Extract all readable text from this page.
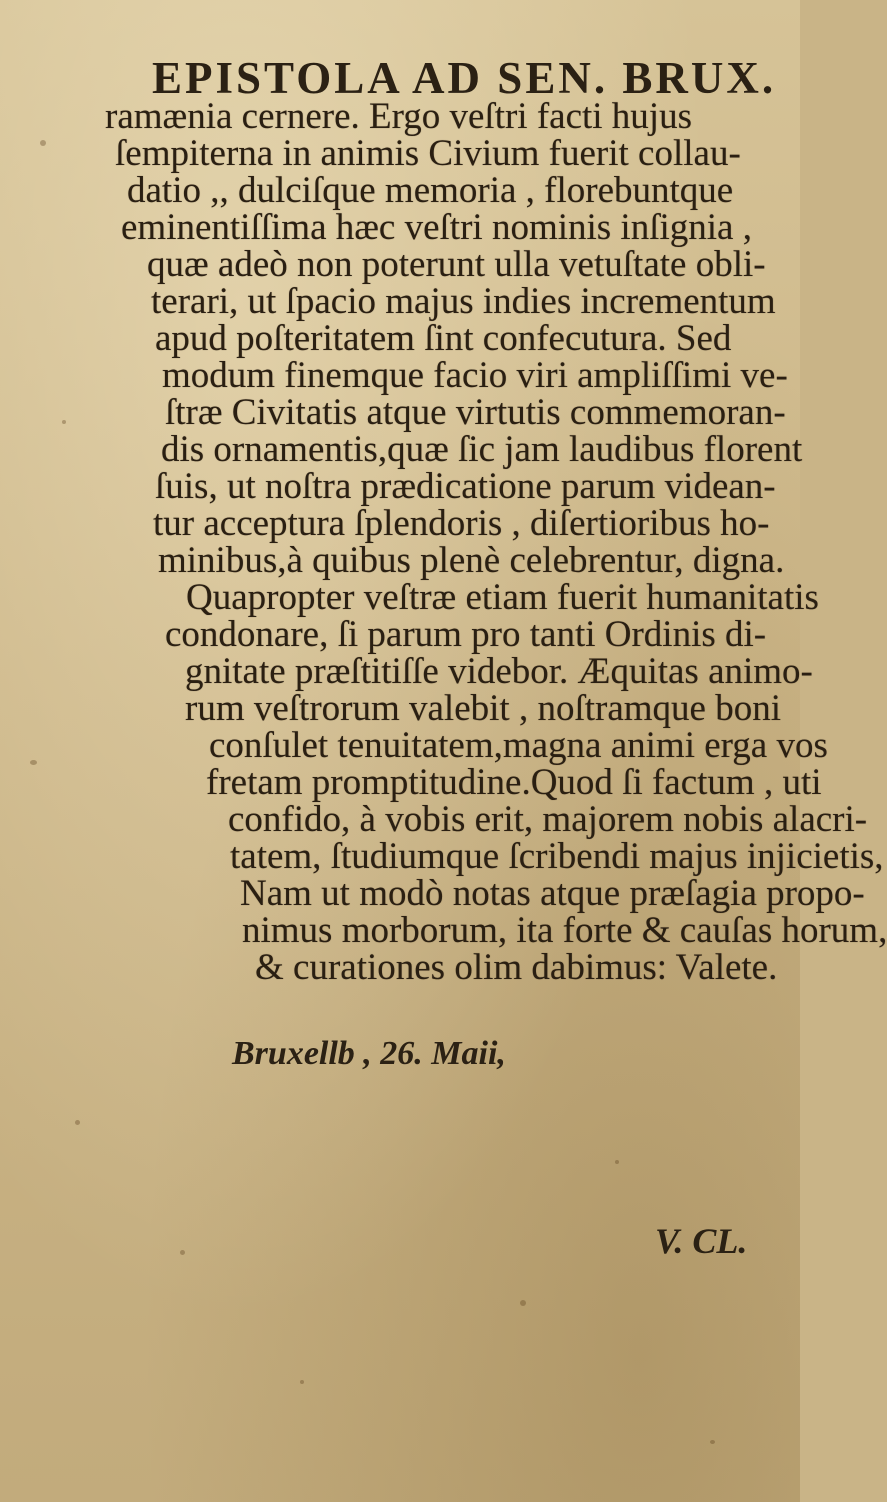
EPISTOLA AD SEN. BRUX.
ramænia cernere. Ergo veſtri facti hujus
ſempiterna in animis Civium fuerit collau-
datio ,, dulciſque memoria , florebuntque
eminentiſſima hæc veſtri nominis inſignia ,
quæ adeò non poterunt ulla vetuſtate obli-
terari, ut ſpacio majus indies incrementum
apud poſteritatem ſint confecutura. Sed
modum finemque facio viri ampliſſimi ve-
ſtræ Civitatis atque virtutis commemoran-
dis ornamentis,quæ ſic jam laudibus florent
ſuis, ut noſtra prædicatione parum videan-
tur acceptura ſplendoris , diſertioribus ho-
minibus,à quibus plenè celebrentur, digna.
Quapropter veſtræ etiam fuerit humanitatis
condonare, ſi parum pro tanti Ordinis di-
gnitate præſtitiſſe videbor. Æquitas animo-
rum veſtrorum valebit , noſtramque boni
conſulet tenuitatem,magna animi erga vos
fretam promptitudine.Quod ſi factum , uti
confido, à vobis erit, majorem nobis alacri-
tatem, ſtudiumque ſcribendi majus injicietis,
Nam ut modò notas atque præſagia propo-
nimus morborum, ita forte & cauſas horum,
& curationes olim dabimus: Valete.
Bruxellb , 26. Maii,
V. CL.
